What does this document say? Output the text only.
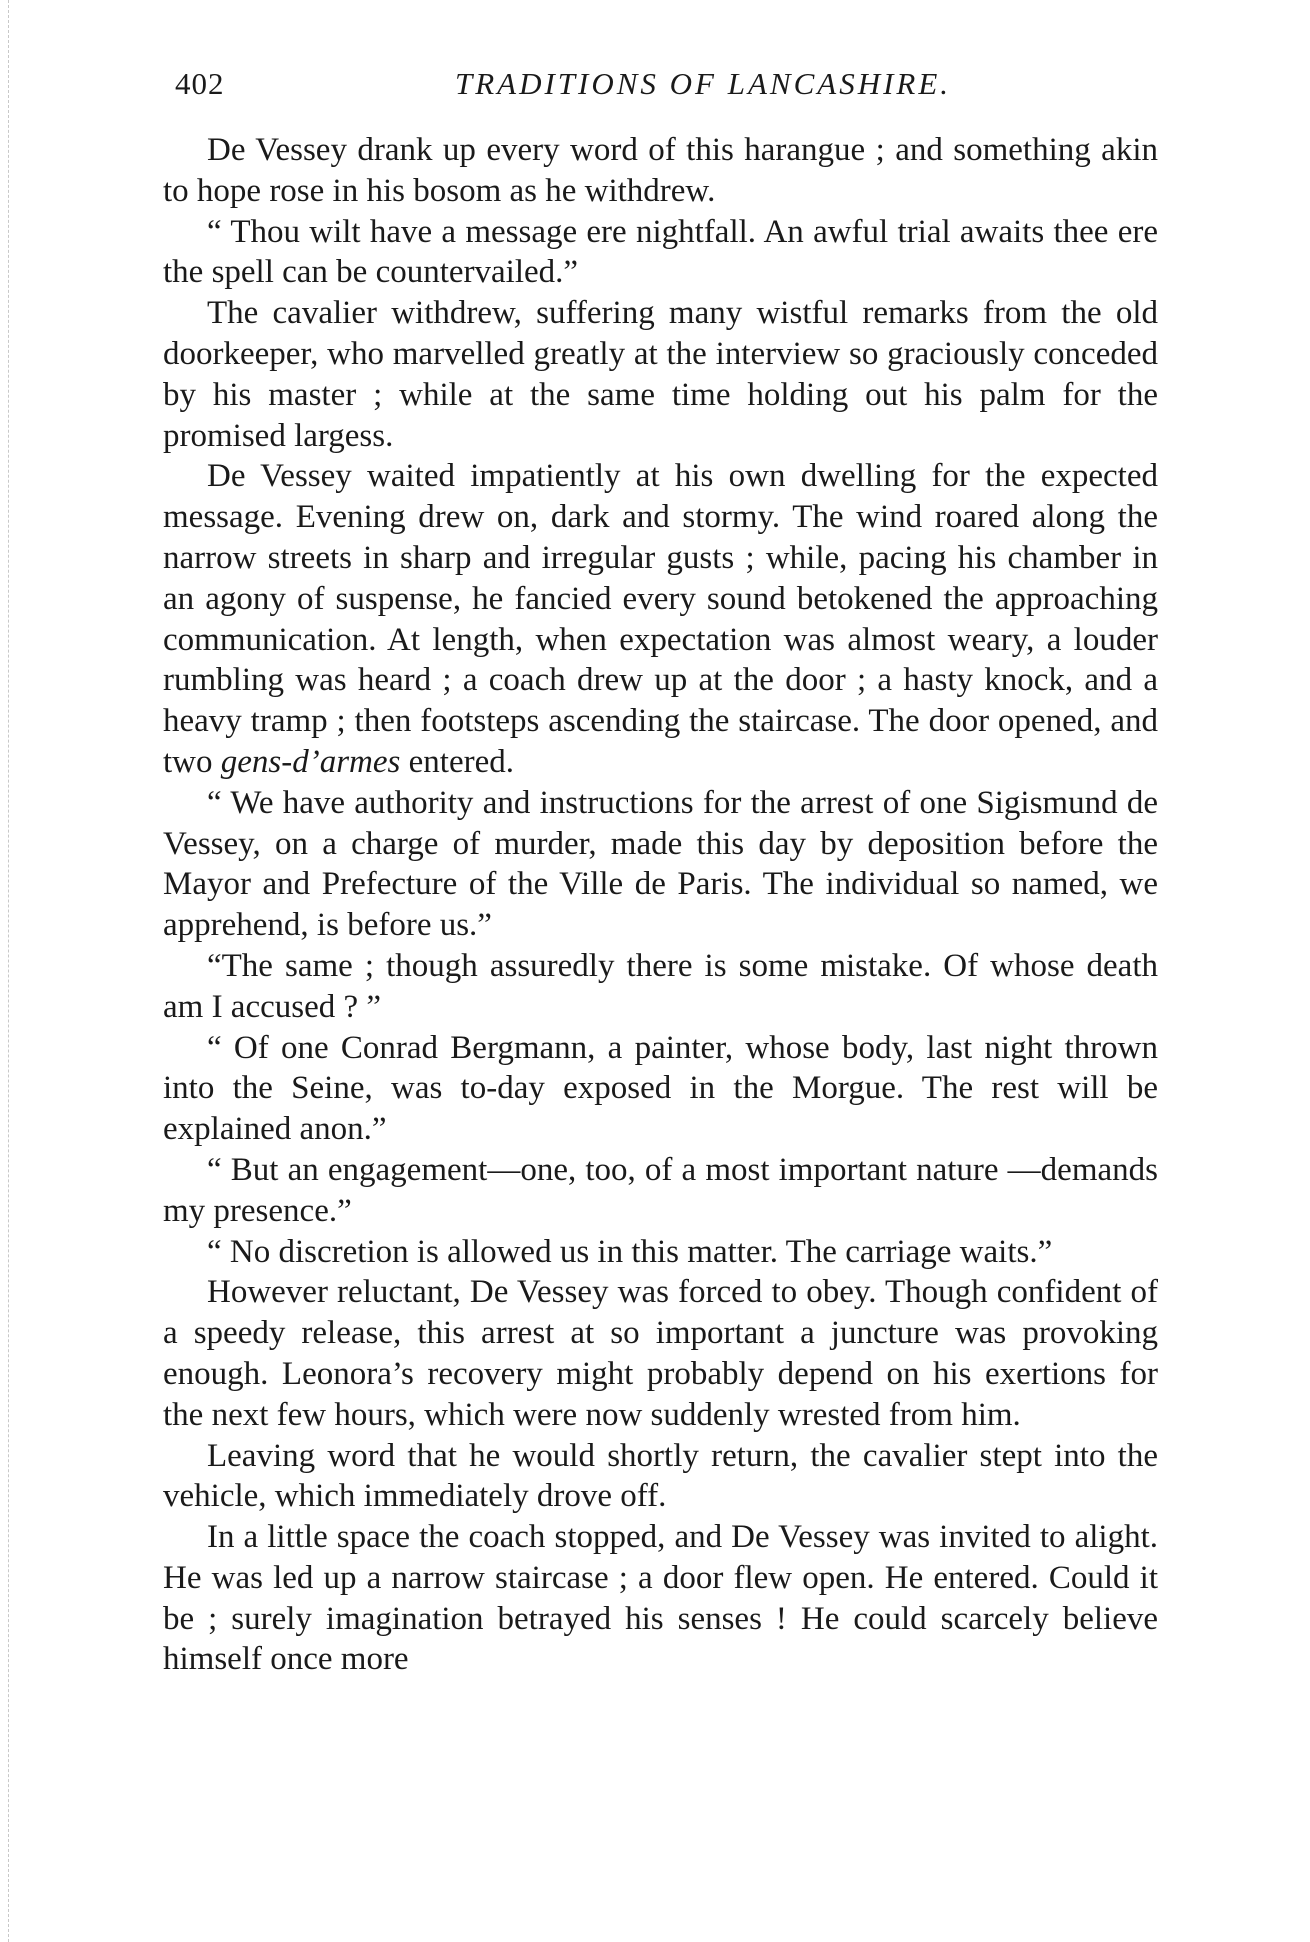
402	TRADITIONS OF LANCASHIRE.

De Vessey drank up every word of this harangue ; and something akin to hope rose in his bosom as he withdrew.

“ Thou wilt have a message ere nightfall. An awful trial awaits thee ere the spell can be countervailed.”

The cavalier withdrew, suffering many wistful remarks from the old doorkeeper, who marvelled greatly at the interview so graciously conceded by his master ; while at the same time holding out his palm for the promised largess.

De Vessey waited impatiently at his own dwelling for the expected message. Evening drew on, dark and stormy. The wind roared along the narrow streets in sharp and irregular gusts ; while, pacing his chamber in an agony of suspense, he fancied every sound betokened the approaching communication. At length, when expectation was almost weary, a louder rumbling was heard ; a coach drew up at the door ; a hasty knock, and a heavy tramp ; then footsteps ascending the staircase. The door opened, and two gens-d’armes entered.

“ We have authority and instructions for the arrest of one Sigismund de Vessey, on a charge of murder, made this day by deposition before the Mayor and Prefecture of the Ville de Paris. The individual so named, we apprehend, is before us.”

“The same ; though assuredly there is some mistake. Of whose death am I accused ? ”

“ Of one Conrad Bergmann, a painter, whose body, last night thrown into the Seine, was to-day exposed in the Morgue. The rest will be explained anon.”

“ But an engagement—one, too, of a most important nature —demands my presence.”

“ No discretion is allowed us in this matter. The carriage waits.”

However reluctant, De Vessey was forced to obey. Though confident of a speedy release, this arrest at so important a juncture was provoking enough. Leonora’s recovery might probably depend on his exertions for the next few hours, which were now suddenly wrested from him.

Leaving word that he would shortly return, the cavalier stept into the vehicle, which immediately drove off.

In a little space the coach stopped, and De Vessey was invited to alight. He was led up a narrow staircase ; a door flew open. He entered. Could it be ; surely imagination betrayed his senses ! He could scarcely believe himself once more
